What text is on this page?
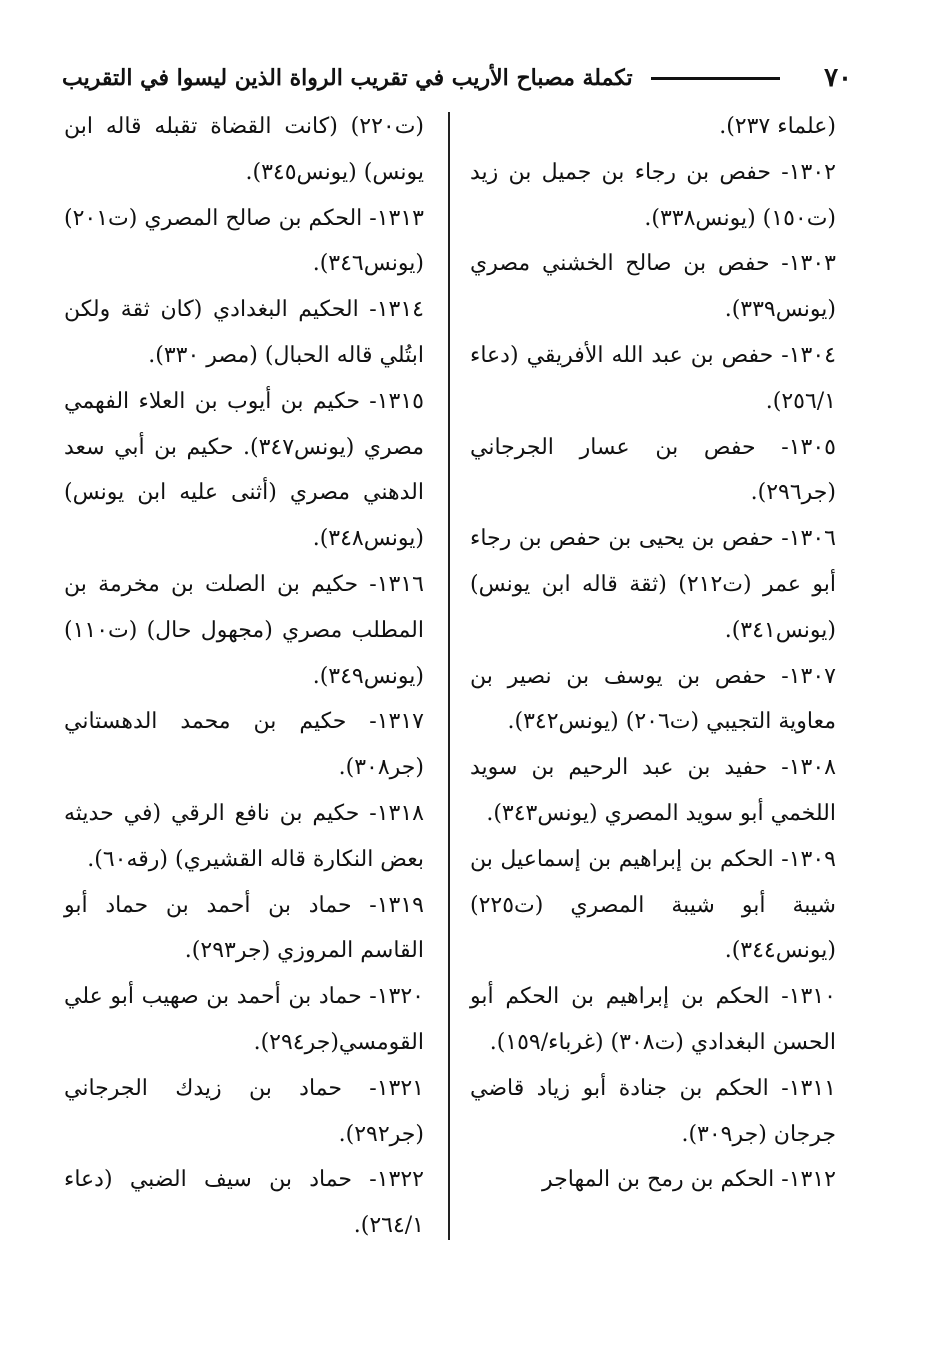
٧٠
تكملة مصباح الأريب في تقريب الرواة الذين ليسوا في التقريب

(علماء ٢٣٧).

١٣٠٢- حفص بن رجاء بن جميل بن زيد (ت١٥٠) (يونس٣٣٨).

١٣٠٣- حفص بن صالح الخشني مصري (يونس٣٣٩).

١٣٠٤- حفص بن عبد الله الأفريقي (دعاء ٢٥٦/١).

١٣٠٥- حفص بن عسار الجرجاني (جر٢٩٦).

١٣٠٦- حفص بن يحيى بن حفص بن رجاء أبو عمر (ت٢١٢) (ثقة قاله ابن يونس) (يونس٣٤١).

١٣٠٧- حفص بن يوسف بن نصير بن معاوية التجيبي (ت٢٠٦) (يونس٣٤٢).

١٣٠٨- حفيد بن عبد الرحيم بن سويد اللخمي أبو سويد المصري (يونس٣٤٣).

١٣٠٩- الحكم بن إبراهيم بن إسماعيل بن شيبة أبو شيبة المصري (ت٢٢٥) (يونس٣٤٤).

١٣١٠- الحكم بن إبراهيم بن الحكم أبو الحسن البغدادي (ت٣٠٨) (غرباء/١٥٩).

١٣١١- الحكم بن جنادة أبو زياد قاضي جرجان (جر٣٠٩).

١٣١٢- الحكم بن رمح بن المهاجر

(ت٢٢٠) (كانت القضاة تقبله قاله ابن يونس) (يونس٣٤٥).

١٣١٣- الحكم بن صالح المصري (ت٢٠١) (يونس٣٤٦).

١٣١٤- الحكيم البغدادي (كان ثقة ولكن ابتُلي قاله الحبال) (مصر ٣٣٠).

١٣١٥- حكيم بن أيوب بن العلاء الفهمي مصري (يونس٣٤٧). حكيم بن أبي سعد الدهني مصري (أثنى عليه ابن يونس) (يونس٣٤٨).

١٣١٦- حكيم بن الصلت بن مخرمة بن المطلب مصري (مجهول حال) (ت١١٠) (يونس٣٤٩).

١٣١٧- حكيم بن محمد الدهستاني (جر٣٠٨).

١٣١٨- حكيم بن نافع الرقي (في حديثه بعض النكارة قاله القشيري) (رقه٦٠).

١٣١٩- حماد بن أحمد بن حماد أبو القاسم المروزي (جر٢٩٣).

١٣٢٠- حماد بن أحمد بن صهيب أبو علي القومسي(جر٢٩٤).

١٣٢١- حماد بن زيدك الجرجاني (جر٢٩٢).

١٣٢٢- حماد بن سيف الضبي (دعاء ٢٦٤/١).
